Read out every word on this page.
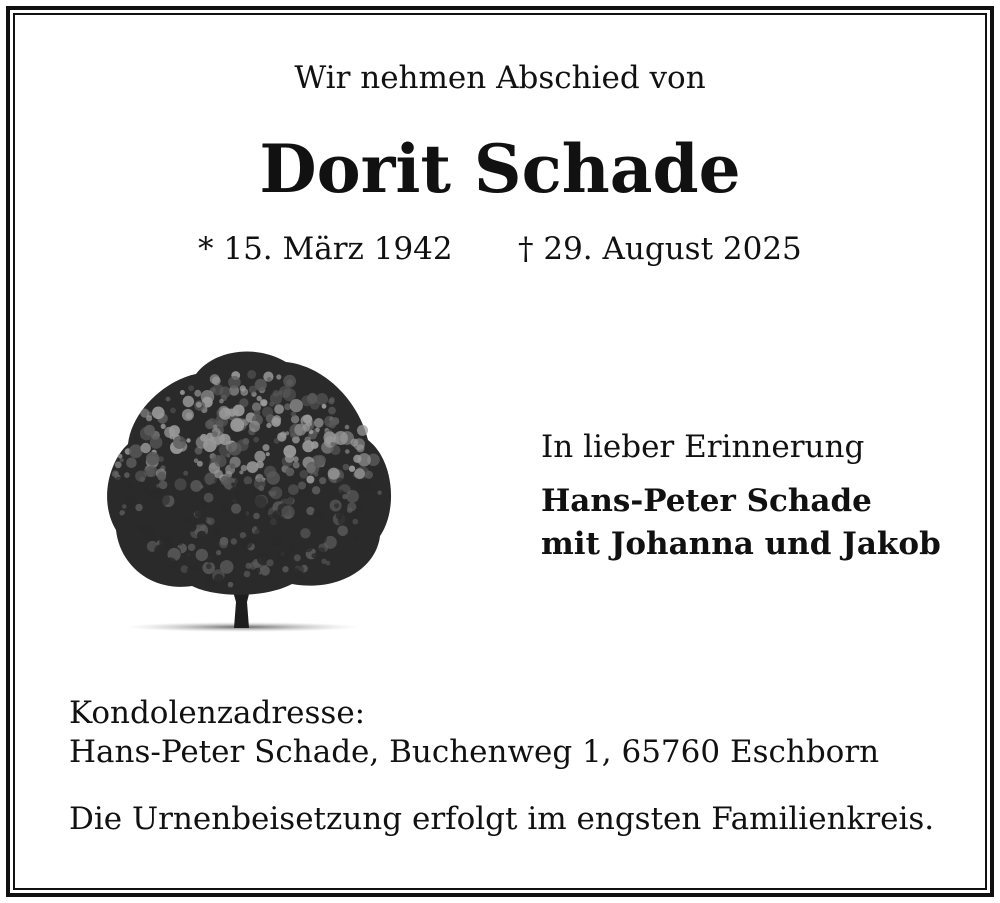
Wir nehmen Abschied von
Dorit Schade
* 15. März 1942 † 29. August 2025
In lieber Erinnerung
Hans-Peter Schade
mit Johanna und Jakob
Kondolenzadresse:
Hans-Peter Schade, Buchenweg 1, 65760 Eschborn
Die Urnenbeisetzung erfolgt im engsten Familienkreis.
